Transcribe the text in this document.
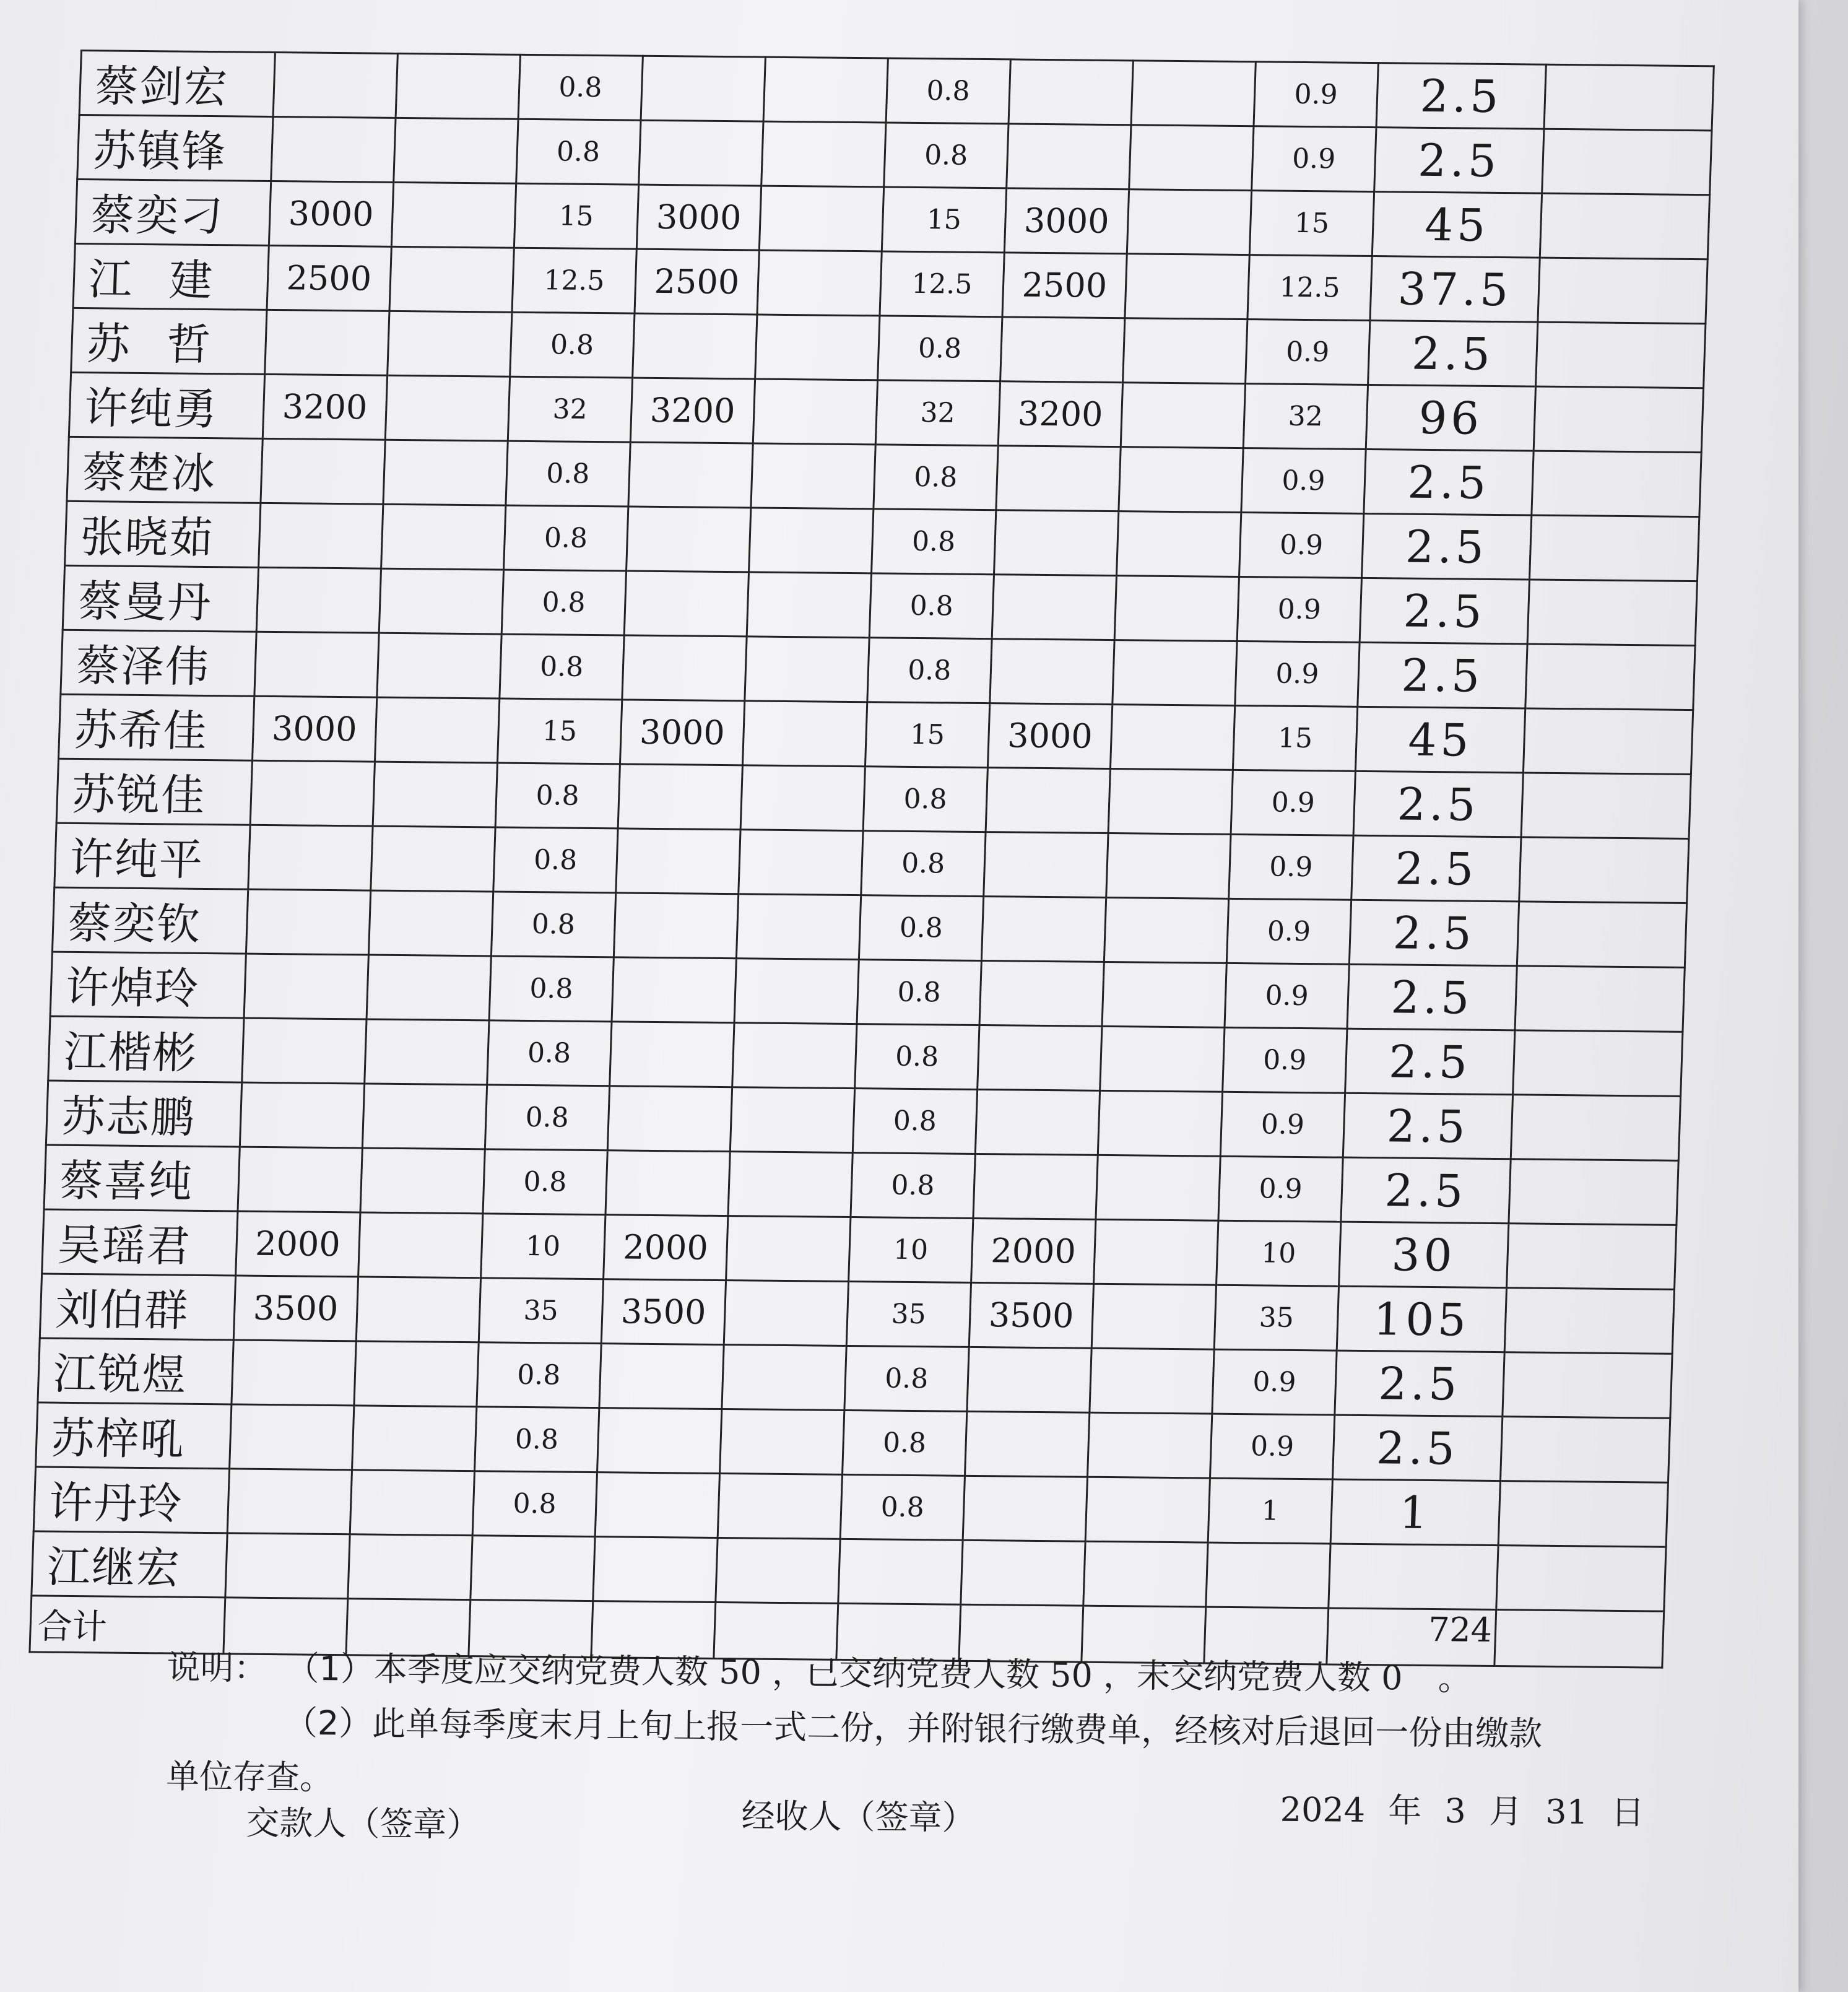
蔡剑宏			0.8			0.8			0.9	2.5	
苏镇锋			0.8			0.8			0.9	2.5	
蔡奕刁	3000		15	3000		15	3000		15	45	
江建	2500		12.5	2500		12.5	2500		12.5	37.5	
苏哲			0.8			0.8			0.9	2.5	
许纯勇	3200		32	3200		32	3200		32	96	
蔡楚冰			0.8			0.8			0.9	2.5	
张晓茹			0.8			0.8			0.9	2.5	
蔡曼丹			0.8			0.8			0.9	2.5	
蔡泽伟			0.8			0.8			0.9	2.5	
苏希佳	3000		15	3000		15	3000		15	45	
苏锐佳			0.8			0.8			0.9	2.5	
许纯平			0.8			0.8			0.9	2.5	
蔡奕钦			0.8			0.8			0.9	2.5	
许焯玲			0.8			0.8			0.9	2.5	
江楷彬			0.8			0.8			0.9	2.5	
苏志鹏			0.8			0.8			0.9	2.5	
蔡喜纯			0.8			0.8			0.9	2.5	
吴瑶君	2000		10	2000		10	2000		10	30	
刘伯群	3500		35	3500		35	3500		35	105	
江锐煜			0.8			0.8			0.9	2.5	
苏梓吼			0.8			0.8			0.9	2.5	
许丹玲			0.8			0.8			1	1	
江继宏											
合计										724	
说明： （1）本季度应交纳党费人数 50 ，已交纳党费人数 50 ，未交纳党费人数 0 。
（2）此单每季度末月上旬上报一式二份，并附银行缴费单，经核对后退回一份由缴款
单位存查。
交款人（签章）	经收人（签章）	2024 年 3 月 31 日
